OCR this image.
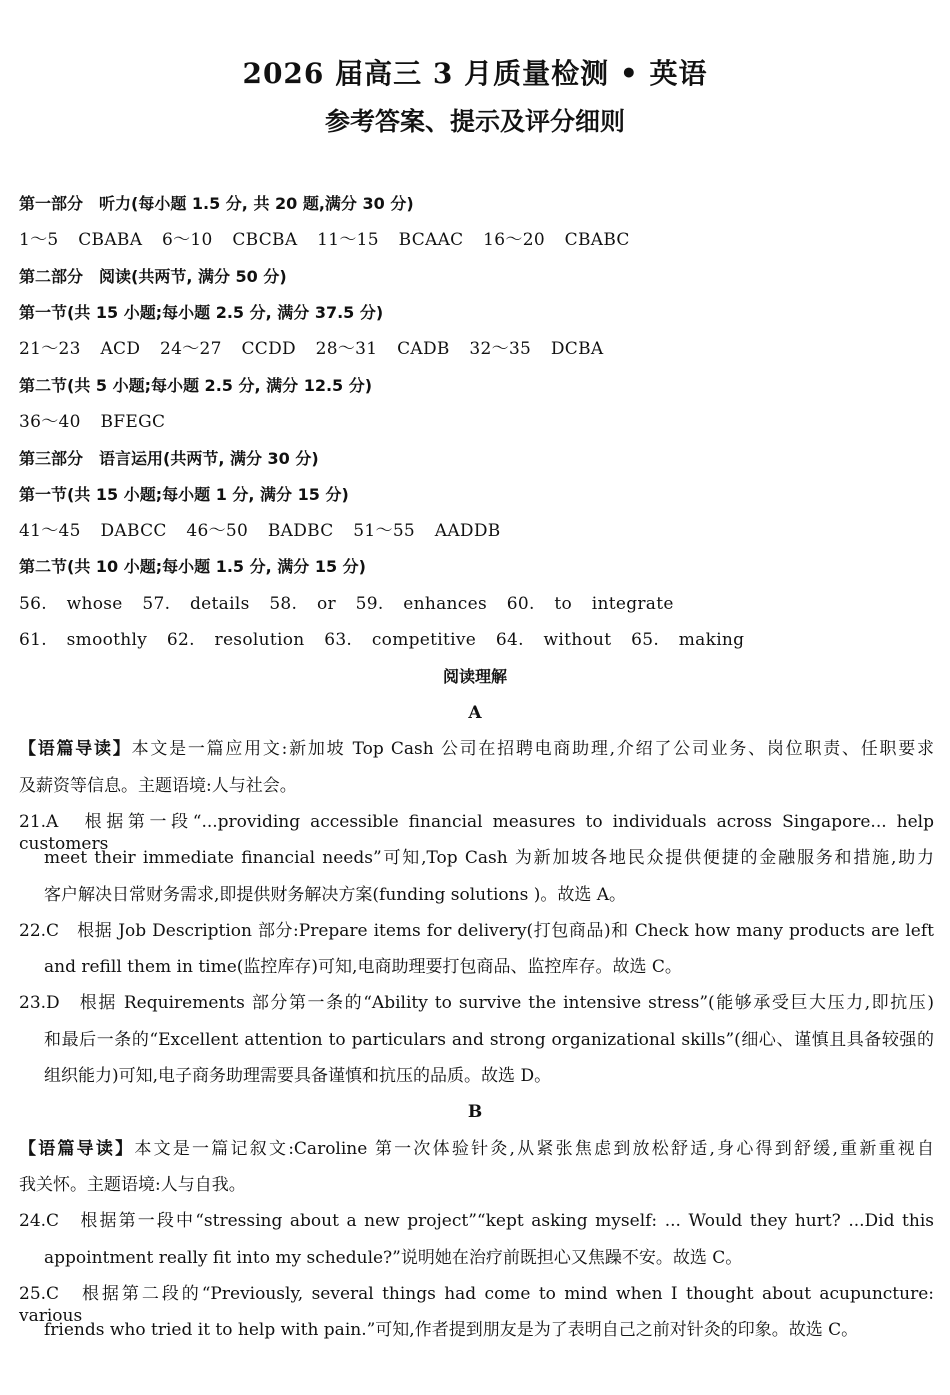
2026 届高三 3 月质量检测 • 英语
参考答案、提示及评分细则
第一部分　听力(每小题 1.5 分, 共 20 题,满分 30 分)
1～5 CBABA 6～10 CBCBA 11～15 BCAAC 16～20 CBABC
第二部分　阅读(共两节, 满分 50 分)
第一节(共 15 小题;每小题 2.5 分, 满分 37.5 分)
21～23 ACD 24～27 CCDD 28～31 CADB 32～35 DCBA
第二节(共 5 小题;每小题 2.5 分, 满分 12.5 分)
36～40 BFEGC
第三部分　语言运用(共两节, 满分 30 分)
第一节(共 15 小题;每小题 1 分, 满分 15 分)
41～45 DABCC 46～50 BADBC 51～55 AADDB
第二节(共 10 小题;每小题 1.5 分, 满分 15 分)
56. whose 57. details 58. or 59. enhances 60. to integrate
61. smoothly 62. resolution 63. competitive 64. without 65. making
阅读理解
A
【语篇导读】本文是一篇应用文:新加坡 Top Cash 公司在招聘电商助理,介绍了公司业务、岗位职责、任职要求
及薪资等信息。主题语境:人与社会。
21.A　根据第一段“...providing accessible financial measures to individuals across Singapore... help customers
meet their immediate financial needs”可知,Top Cash 为新加坡各地民众提供便捷的金融服务和措施,助力
客户解决日常财务需求,即提供财务解决方案(funding solutions )。故选 A。
22.C　根据 Job Description 部分:Prepare items for delivery(打包商品)和 Check how many products are left
and refill them in time(监控库存)可知,电商助理要打包商品、监控库存。故选 C。
23.D　根据 Requirements 部分第一条的“Ability to survive the intensive stress”(能够承受巨大压力,即抗压)
和最后一条的“Excellent attention to particulars and strong organizational skills”(细心、谨慎且具备较强的
组织能力)可知,电子商务助理需要具备谨慎和抗压的品质。故选 D。
B
【语篇导读】本文是一篇记叙文:Caroline 第一次体验针灸,从紧张焦虑到放松舒适,身心得到舒缓,重新重视自
我关怀。主题语境:人与自我。
24.C　根据第一段中“stressing about a new project”“kept asking myself: ... Would they hurt? ...Did this
appointment really fit into my schedule?”说明她在治疗前既担心又焦躁不安。故选 C。
25.C　根据第二段的“Previously, several things had come to mind when I thought about acupuncture: various
friends who tried it to help with pain.”可知,作者提到朋友是为了表明自己之前对针灸的印象。故选 C。
